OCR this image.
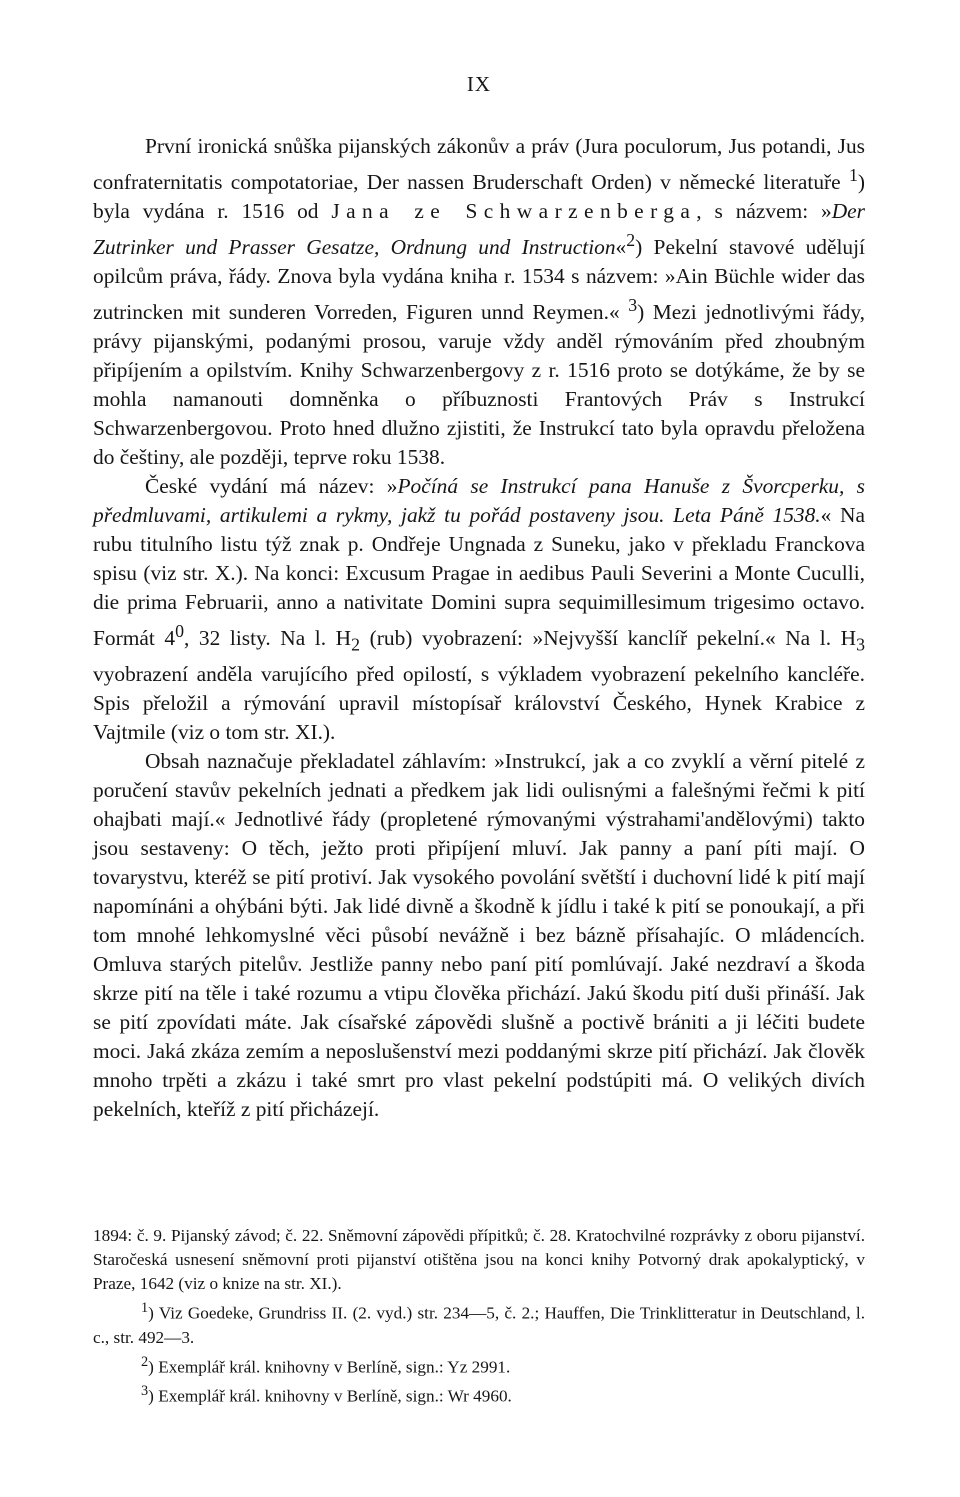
IX

První ironická snůška pijanských zákonův a práv (Jura poculorum, Jus potandi, Jus confraternitatis compotatoriae, Der nassen Bruderschaft Orden) v německé literatuře $^1$) byla vydána r. 1516 od Jana ze Schwarzenberga, s názvem: »Der Zutrinker und Prasser Gesatze, Ordnung und Instruction«$^2$) Pekelní stavové udělují opilcům práva, řády. Znova byla vydána kniha r. 1534 s názvem: »Ain Büchle wider das zutrincken mit sunderen Vorreden, Figuren unnd Reymen.« $^3$) Mezi jednotlivými řády, právy pijanskými, podanými prosou, varuje vždy anděl rýmováním před zhoubným připíjením a opilstvím. Knihy Schwarzenbergovy z r. 1516 proto se dotýkáme, že by se mohla namanouti domněnka o příbuznosti Frantových Práv s Instrukcí Schwarzenbergovou. Proto hned dlužno zjistiti, že Instrukcí tato byla opravdu přeložena do češtiny, ale později, teprve roku 1538.

České vydání má název: »Počíná se Instrukcí pana Hanuše z Švorcperku, s předmluvami, artikulemi a rykmy, jakž tu pořád postaveny jsou. Leta Páně 1538.« Na rubu titulního listu týž znak p. Ondřeje Ungnada z Suneku, jako v překladu Franckova spisu (viz str. X.). Na konci: Excusum Pragae in aedibus Pauli Severini a Monte Cuculli, die prima Februarii, anno a nativitate Domini supra sequimillesimum trigesimo octavo. Formát $4^0$, 32 listy. Na l. $H_2$ (rub) vyobrazení: »Nejvyšší kanclíř pekelní.« Na l. $H_3$ vyobrazení anděla varujícího před opilostí, s výkladem vyobrazení pekelního kancléře. Spis přeložil a rýmování upravil místopísař království Českého, Hynek Krabice z Vajtmile (viz o tom str. XI.).

Obsah naznačuje překladatel záhlavím: »Instrukcí, jak a co zvyklí a věrní pitelé z poručení stavův pekelních jednati a předkem jak lidi oulisnými a falešnými řečmi k pití ohajbati mají.« Jednotlivé řády (propletené rýmovanými výstrahami'andělovými) takto jsou sestaveny: O těch, ježto proti připíjení mluví. Jak panny a paní píti mají. O tovarystvu, kteréž se pití protiví. Jak vysokého povolání světští i duchovní lidé k pití mají napomínáni a ohýbáni býti. Jak lidé divně a škodně k jídlu i také k pití se ponoukají, a při tom mnohé lehkomyslné věci působí nevážně i bez bázně přísahajíc. O mládencích. Omluva starých pitelův. Jestliže panny nebo paní pití pomlúvají. Jaké nezdraví a škoda skrze pití na těle i také rozumu a vtipu člověka přichází. Jakú škodu pití duši přináší. Jak se pití zpovídati máte. Jak císařské zápovědi slušně a poctivě brániti a ji léčiti budete moci. Jaká zkáza zemím a neposlušenství mezi poddanými skrze pití přichází. Jak člověk mnoho trpěti a zkázu i také smrt pro vlast pekelní podstúpiti má. O velikých divích pekelních, kteříž z pití přicházejí.

1894: č. 9. Pijanský závod; č. 22. Sněmovní zápovědi přípitků; č. 28. Kratochvilné rozprávky z oboru pijanství. Staročeská usnesení sněmovní proti pijanství otištěna jsou na konci knihy Potvorný drak apokalyptický, v Praze, 1642 (viz o knize na str. XI.).

$^1$) Viz Goedeke, Grundriss II. (2. vyd.) str. 234—5, č. 2.; Hauffen, Die Trinklitteratur in Deutschland, l. c., str. 492—3.

$^2$) Exemplář král. knihovny v Berlíně, sign.: Yz 2991.

$^3$) Exemplář král. knihovny v Berlíně, sign.: Wr 4960.
